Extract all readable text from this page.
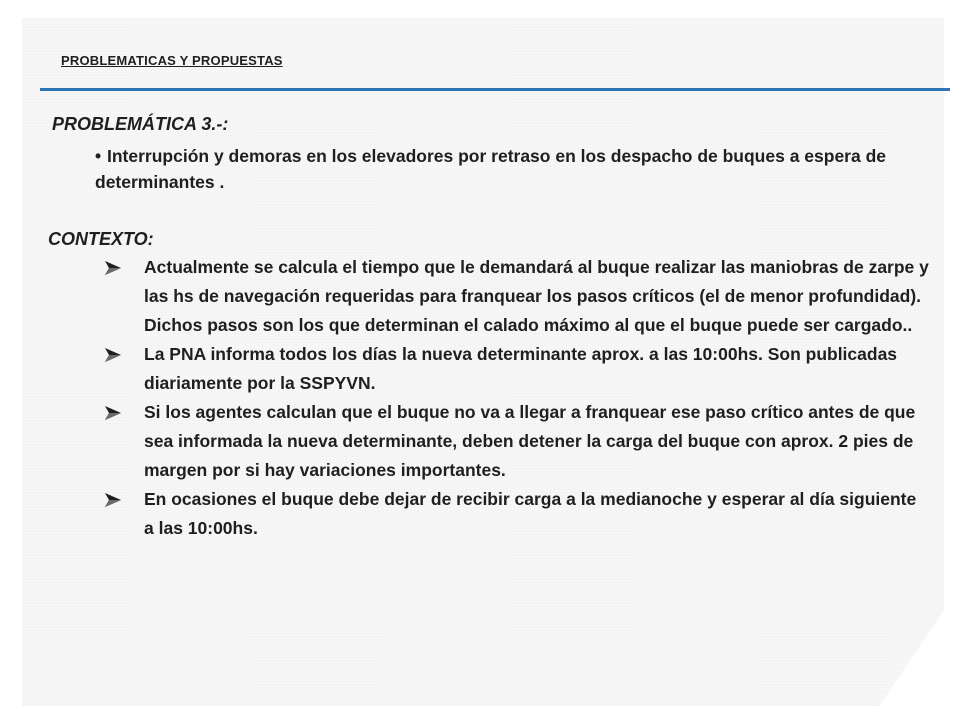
PROBLEMATICAS Y PROPUESTAS
PROBLEMÁTICA 3.-:
• Interrupción y demoras en los elevadores por retraso en los despacho de buques a espera de determinantes .
CONTEXTO:
Actualmente se calcula el tiempo que le demandará al buque realizar las maniobras de zarpe y las hs de navegación requeridas para franquear los pasos críticos (el de menor profundidad). Dichos pasos son los que determinan el calado máximo al que el buque puede ser cargado..
La PNA informa todos los días la nueva determinante aprox. a las 10:00hs. Son publicadas diariamente por la SSPYVN.
Si los agentes calculan que el buque no va a llegar a franquear ese paso crítico antes de que sea informada la nueva determinante, deben detener la carga del buque con aprox. 2 pies de margen por si hay variaciones importantes.
En ocasiones el buque debe dejar de recibir carga a la medianoche y esperar al día siguiente a las 10:00hs.
